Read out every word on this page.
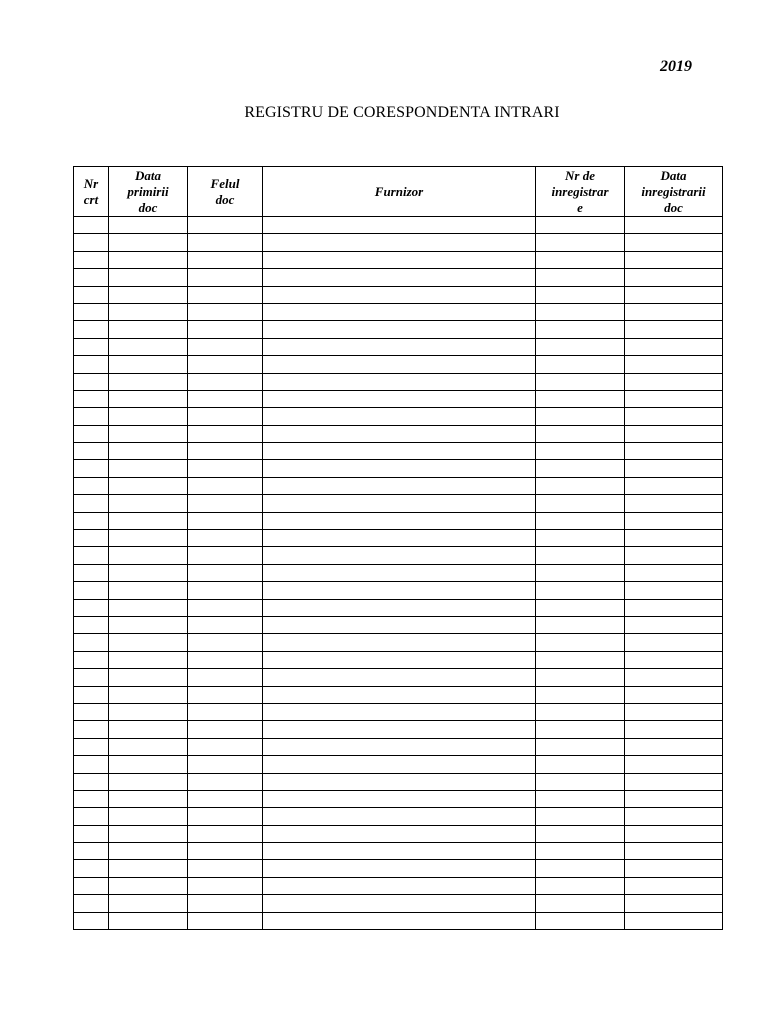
2019
REGISTRU DE CORESPONDENTA INTRARI
Nr
crt	Data
primirii
doc	Felul
doc	Furnizor	Nr de
inregistrar
e	Data
inregistrarii
doc
